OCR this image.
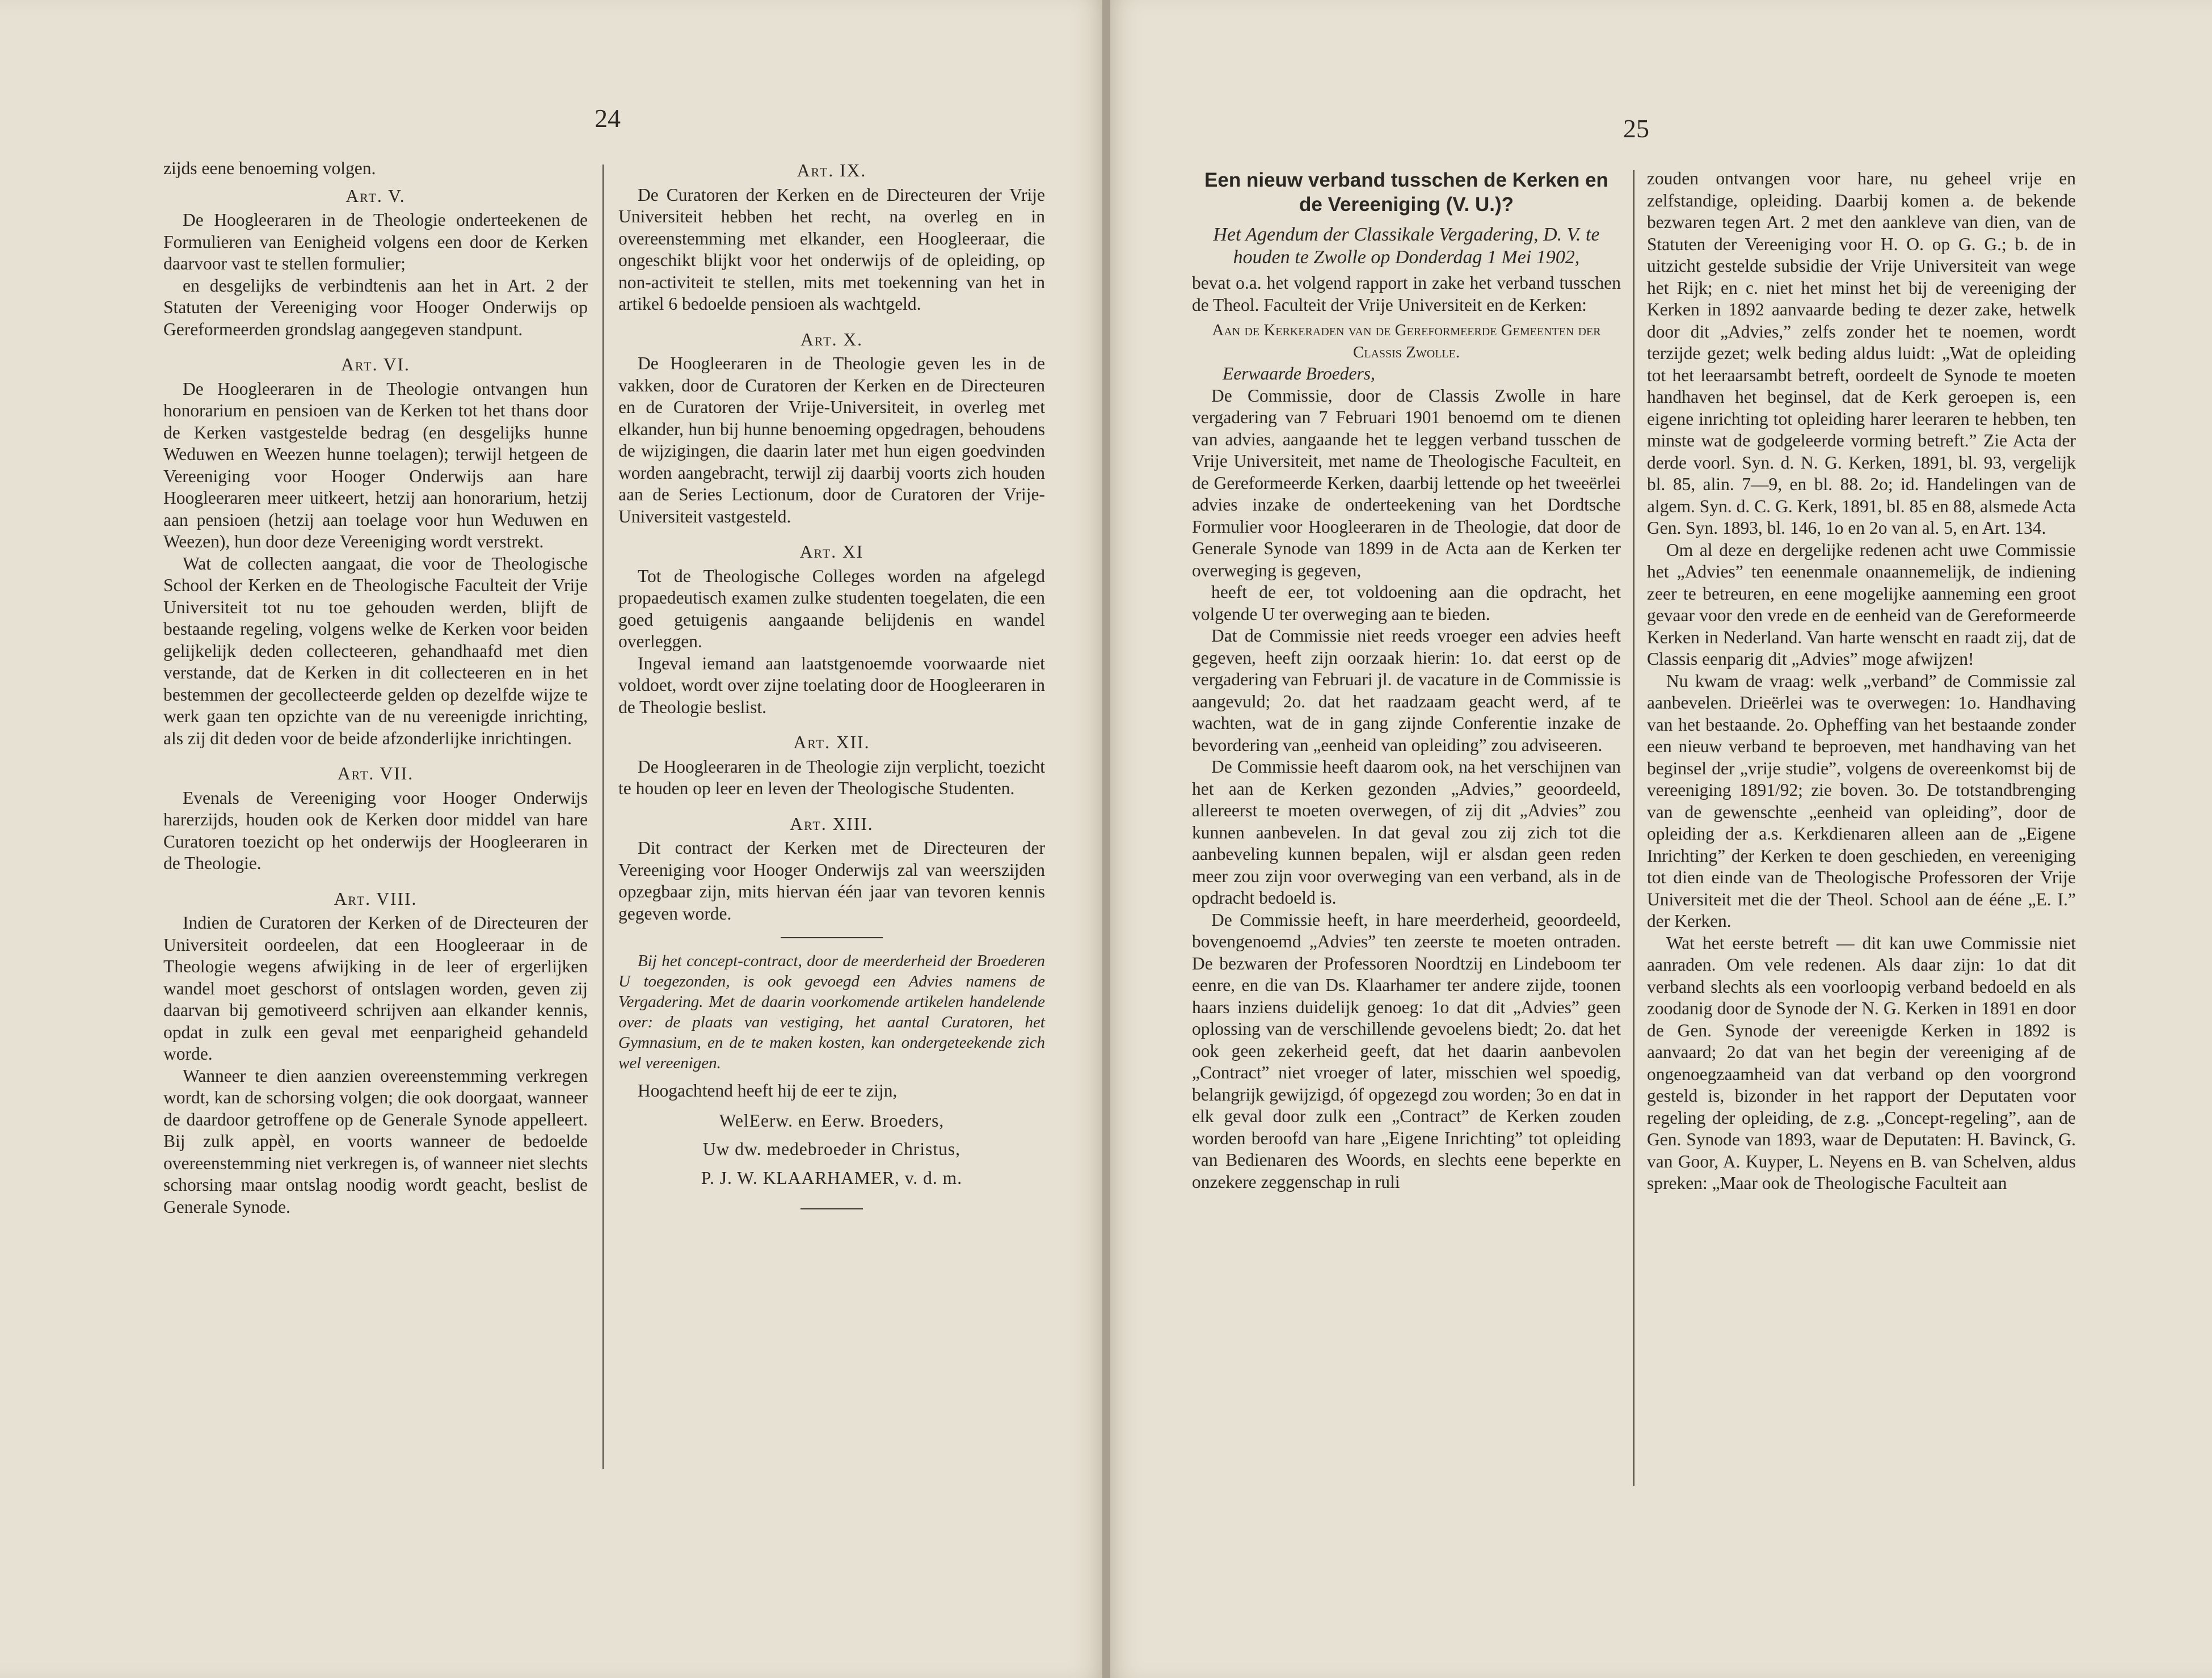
24

zijds eene benoeming volgen.

Art. V.

De Hoogleeraren in de Theologie onderteekenen de Formulieren van Eenigheid volgens een door de Kerken daarvoor vast te stellen formulier;

en desgelijks de verbindtenis aan het in Art. 2 der Statuten der Vereeniging voor Hooger Onderwijs op Gereformeerden grondslag aangegeven standpunt.

Art. VI.

De Hoogleeraren in de Theologie ontvangen hun honorarium en pensioen van de Kerken tot het thans door de Kerken vastgestelde bedrag (en desgelijks hunne Weduwen en Weezen hunne toelagen); terwijl hetgeen de Vereeniging voor Hooger Onderwijs aan hare Hoogleeraren meer uitkeert, hetzij aan honorarium, hetzij aan pensioen (hetzij aan toelage voor hun Weduwen en Weezen), hun door deze Vereeniging wordt verstrekt.

Wat de collecten aangaat, die voor de Theologische School der Kerken en de Theologische Faculteit der Vrije Universiteit tot nu toe gehouden werden, blijft de bestaande regeling, volgens welke de Kerken voor beiden gelijkelijk deden collecteeren, gehandhaafd met dien verstande, dat de Kerken in dit collecteeren en in het bestemmen der gecollecteerde gelden op dezelfde wijze te werk gaan ten opzichte van de nu vereenigde inrichting, als zij dit deden voor de beide afzonderlijke inrichtingen.

Art. VII.

Evenals de Vereeniging voor Hooger Onderwijs harerzijds, houden ook de Kerken door middel van hare Curatoren toezicht op het onderwijs der Hoogleeraren in de Theologie.

Art. VIII.

Indien de Curatoren der Kerken of de Directeuren der Universiteit oordeelen, dat een Hoogleeraar in de Theologie wegens afwijking in de leer of ergerlijken wandel moet geschorst of ontslagen worden, geven zij daarvan bij gemotiveerd schrijven aan elkander kennis, opdat in zulk een geval met eenparigheid gehandeld worde.

Wanneer te dien aanzien overeenstemming verkregen wordt, kan de schorsing volgen; die ook doorgaat, wanneer de daardoor getroffene op de Generale Synode appelleert. Bij zulk appèl, en voorts wanneer de bedoelde overeenstemming niet verkregen is, of wanneer niet slechts schorsing maar ontslag noodig wordt geacht, beslist de Generale Synode.

Art. IX.

De Curatoren der Kerken en de Directeuren der Vrije Universiteit hebben het recht, na overleg en in overeenstemming met elkander, een Hoogleeraar, die ongeschikt blijkt voor het onderwijs of de opleiding, op non-activiteit te stellen, mits met toekenning van het in artikel 6 bedoelde pensioen als wachtgeld.

Art. X.

De Hoogleeraren in de Theologie geven les in de vakken, door de Curatoren der Kerken en de Directeuren en de Curatoren der Vrije-Universiteit, in overleg met elkander, hun bij hunne benoeming opgedragen, behoudens de wijzigingen, die daarin later met hun eigen goedvinden worden aangebracht, terwijl zij daarbij voorts zich houden aan de Series Lectionum, door de Curatoren der Vrije-Universiteit vastgesteld.

Art. XI

Tot de Theologische Colleges worden na afgelegd propaedeutisch examen zulke studenten toegelaten, die een goed getuigenis aangaande belijdenis en wandel overleggen.

Ingeval iemand aan laatstgenoemde voorwaarde niet voldoet, wordt over zijne toelating door de Hoogleeraren in de Theologie beslist.

Art. XII.

De Hoogleeraren in de Theologie zijn verplicht, toezicht te houden op leer en leven der Theologische Studenten.

Art. XIII.

Dit contract der Kerken met de Directeuren der Vereeniging voor Hooger Onderwijs zal van weerszijden opzegbaar zijn, mits hiervan één jaar van tevoren kennis gegeven worde.

Bij het concept-contract, door de meerderheid der Broederen U toegezonden, is ook gevoegd een Advies namens de Vergadering. Met de daarin voorkomende artikelen handelende over: de plaats van vestiging, het aantal Curatoren, het Gymnasium, en de te maken kosten, kan ondergeteekende zich wel vereenigen.

Hoogachtend heeft hij de eer te zijn,

WelEerw. en Eerw. Broeders,
Uw dw. medebroeder in Christus,
P. J. W. KLAARHAMER, v. d. m.
25
Een nieuw verband tusschen de Kerken en de Vereeniging (V. U.)?

Het Agendum der Classikale Vergadering, D. V. te houden te Zwolle op Donderdag 1 Mei 1902,

bevat o.a. het volgend rapport in zake het verband tusschen de Theol. Faculteit der Vrije Universiteit en de Kerken:

Aan de Kerkeraden van de Gereformeerde Gemeenten der Classis Zwolle.

Eerwaarde Broeders,

De Commissie, door de Classis Zwolle in hare vergadering van 7 Februari 1901 benoemd om te dienen van advies, aangaande het te leggen verband tusschen de Vrije Universiteit, met name de Theologische Faculteit, en de Gereformeerde Kerken, daarbij lettende op het tweeërlei advies inzake de onderteekening van het Dordtsche Formulier voor Hoogleeraren in de Theologie, dat door de Generale Synode van 1899 in de Acta aan de Kerken ter overweging is gegeven,

heeft de eer, tot voldoening aan die opdracht, het volgende U ter overweging aan te bieden.

Dat de Commissie niet reeds vroeger een advies heeft gegeven, heeft zijn oorzaak hierin: 1o. dat eerst op de vergadering van Februari jl. de vacature in de Commissie is aangevuld; 2o. dat het raadzaam geacht werd, af te wachten, wat de in gang zijnde Conferentie inzake de bevordering van „eenheid van opleiding” zou adviseeren.

De Commissie heeft daarom ook, na het verschijnen van het aan de Kerken gezonden „Advies,” geoordeeld, allereerst te moeten overwegen, of zij dit „Advies” zou kunnen aanbevelen. In dat geval zou zij zich tot die aanbeveling kunnen bepalen, wijl er alsdan geen reden meer zou zijn voor overweging van een verband, als in de opdracht bedoeld is.

De Commissie heeft, in hare meerderheid, geoordeeld, bovengenoemd „Advies” ten zeerste te moeten ontraden. De bezwaren der Professoren Noordtzij en Lindeboom ter eenre, en die van Ds. Klaarhamer ter andere zijde, toonen haars inziens duidelijk genoeg: 1o dat dit „Advies” geen oplossing van de verschillende gevoelens biedt; 2o. dat het ook geen zekerheid geeft, dat het daarin aanbevolen „Contract” niet vroeger of later, misschien wel spoedig, belangrijk gewijzigd, óf opgezegd zou worden; 3o en dat in elk geval door zulk een „Contract” de Kerken zouden worden beroofd van hare „Eigene Inrichting” tot opleiding van Bedienaren des Woords, en slechts eene beperkte en onzekere zeggenschap in ruli

zouden ontvangen voor hare, nu geheel vrije en zelfstandige, opleiding. Daarbij komen a. de bekende bezwaren tegen Art. 2 met den aankleve van dien, van de Statuten der Vereeniging voor H. O. op G. G.; b. de in uitzicht gestelde subsidie der Vrije Universiteit van wege het Rijk; en c. niet het minst het bij de vereeniging der Kerken in 1892 aanvaarde beding te dezer zake, hetwelk door dit „Advies,” zelfs zonder het te noemen, wordt terzijde gezet; welk beding aldus luidt: „Wat de opleiding tot het leeraarsambt betreft, oordeelt de Synode te moeten handhaven het beginsel, dat de Kerk geroepen is, een eigene inrichting tot opleiding harer leeraren te hebben, ten minste wat de godgeleerde vorming betreft.” Zie Acta der derde voorl. Syn. d. N. G. Kerken, 1891, bl. 93, vergelijk bl. 85, alin. 7—9, en bl. 88. 2o; id. Handelingen van de algem. Syn. d. C. G. Kerk, 1891, bl. 85 en 88, alsmede Acta Gen. Syn. 1893, bl. 146, 1o en 2o van al. 5, en Art. 134.

Om al deze en dergelijke redenen acht uwe Commissie het „Advies” ten eenenmale onaannemelijk, de indiening zeer te betreuren, en eene mogelijke aanneming een groot gevaar voor den vrede en de eenheid van de Gereformeerde Kerken in Nederland. Van harte wenscht en raadt zij, dat de Classis eenparig dit „Advies” moge afwijzen!

Nu kwam de vraag: welk „verband” de Commissie zal aanbevelen. Drieërlei was te overwegen: 1o. Handhaving van het bestaande. 2o. Opheffing van het bestaande zonder een nieuw verband te beproeven, met handhaving van het beginsel der „vrije studie”, volgens de overeenkomst bij de vereeniging 1891/92; zie boven. 3o. De totstandbrenging van de gewenschte „eenheid van opleiding”, door de opleiding der a.s. Kerkdienaren alleen aan de „Eigene Inrichting” der Kerken te doen geschieden, en vereeniging tot dien einde van de Theologische Professoren der Vrije Universiteit met die der Theol. School aan de ééne „E. I.” der Kerken.

Wat het eerste betreft — dit kan uwe Commissie niet aanraden. Om vele redenen. Als daar zijn: 1o dat dit verband slechts als een voorloopig verband bedoeld en als zoodanig door de Synode der N. G. Kerken in 1891 en door de Gen. Synode der vereenigde Kerken in 1892 is aanvaard; 2o dat van het begin der vereeniging af de ongenoegzaamheid van dat verband op den voorgrond gesteld is, bizonder in het rapport der Deputaten voor regeling der opleiding, de z.g. „Concept-regeling”, aan de Gen. Synode van 1893, waar de Deputaten: H. Bavinck, G. van Goor, A. Kuyper, L. Neyens en B. van Schelven, aldus spreken: „Maar ook de Theologische Faculteit aan
